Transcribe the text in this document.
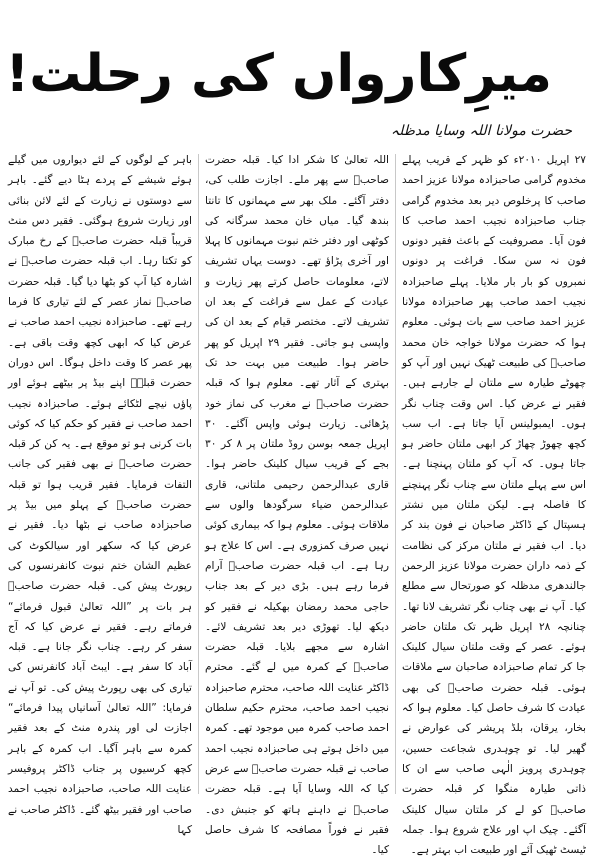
میرِکارواں کی رحلت!
حضرت مولانا اللہ وسایا مدظلہ

۲۷ اپریل ۲۰۱۰ء کو ظہر کے قریب پہلے مخدوم گرامی صاحبزادہ مولانا عزیز احمد صاحب کا پرخلوص دیر بعد مخدوم گرامی جناب صاحبزادہ نجیب احمد صاحب کا فون آیا۔ مصروفیت کے باعث فقیر دونوں فون نہ سن سکا۔ فراغت پر دونوں نمبروں کو بار بار ملایا۔ پہلے صاحبزادہ نجیب احمد صاحب پھر صاحبزادہ مولانا عزیز احمد صاحب سے بات ہوئی۔ معلوم ہوا کہ حضرت مولانا خواجہ خان محمد صاحبؒ کی طبیعت ٹھیک نہیں اور آپ کو چھوٹے طیارہ سے ملتان لے جارہے ہیں۔ فقیر نے عرض کیا۔ اس وقت چناب نگر ہوں۔ ایمبولینس آیا جاتا ہے۔ اب سب کچھ چھوڑ چھاڑ کر ابھی ملتان حاضر ہو جاتا ہوں۔ کہ آپ کو ملتان پہنچنا ہے۔ اس سے پہلے ملتان سے چناب نگر پہنچنے کا فاصلہ ہے۔ لیکن ملتان میں نشتر ہسپتال کے ڈاکٹر صاحبان نے فون بند کر دیا۔ اب فقیر نے ملتان مرکز کی نظامت کے ذمہ داران حضرت مولانا عزیز الرحمن جالندھری مدظلہ کو صورتحال سے مطلع کیا۔ آپ نے بھی چناب نگر تشریف لانا تھا۔ چنانچہ ۲۸ اپریل ظہر تک ملتان حاضر ہوئے۔ عصر کے وقت ملتان سیال کلینک جا کر تمام صاحبزادہ صاحبان سے ملاقات ہوئی۔ قبلہ حضرت صاحبؒ کی بھی عیادت کا شرف حاصل کیا۔ معلوم ہوا کہ بخار، یرقان، بلڈ پریشر کی عوارض نے گھیر لیا۔ تو چوہدری شجاعت حسین، چوہدری پرویز الٰہی صاحب سے ان کا ذاتی طیارہ منگوا کر قبلہ حضرت صاحبؒ کو لے کر ملتان سیال کلینک آگئے۔ چیک اپ اور علاج شروع ہوا۔ جملہ ٹیسٹ ٹھیک آئے اور طبیعت اب بہتر ہے۔

اللہ تعالیٰ کا شکر ادا کیا۔ قبلہ حضرت صاحبؒ سے پھر ملے۔ اجازت طلب کی، دفتر آگئے۔ ملک بھر سے مہمانوں کا تانتا بندھ گیا۔ میاں خان محمد سرگانہ کی کوٹھی اور دفتر ختم نبوت مہمانوں کا پہلا اور آخری پڑاؤ تھے۔ دوست یہاں تشریف لاتے، معلومات حاصل کرتے پھر زیارت و عیادت کے عمل سے فراغت کے بعد ان تشریف لاتے۔ مختصر قیام کے بعد ان کی واپسی ہو جاتی۔ فقیر ۲۹ اپریل کو پھر حاضر ہوا۔ طبیعت میں بہت حد تک بہتری کے آثار تھے۔ معلوم ہوا کہ قبلہ حضرت صاحبؒ نے مغرب کی نماز خود پڑھائی۔ زیارت ہوئی واپس آگئے۔ ۳۰ اپریل جمعہ بوسن روڈ ملتان پر ۸ کر ۳۰ بجے کے قریب سیال کلینک حاضر ہوا۔ قاری عبدالرحمن رحیمی ملتانی، قاری عبدالرحمن ضیاء سرگودھا والوں سے ملاقات ہوئی۔ معلوم ہوا کہ بیماری کوئی نہیں صرف کمزوری ہے۔ اس کا علاج ہو رہا ہے۔ اب قبلہ حضرت صاحبؒ آرام فرما رہے ہیں۔ بڑی دیر کے بعد جناب حاجی محمد رمضان بھکیلہ نے فقیر کو دیکھ لیا۔ تھوڑی دیر بعد تشریف لائے۔ اشارہ سے مجھے بلایا۔ قبلہ حضرت صاحبؒ کے کمرہ میں لے گئے۔ محترم ڈاکٹر عنایت اللہ صاحب، محترم صاحبزادہ نجیب احمد صاحب، محترم حکیم سلطان احمد صاحب کمرہ میں موجود تھے۔ کمرہ میں داخل ہوتے ہی صاحبزادہ نجیب احمد صاحب نے قبلہ حضرت صاحبؒ سے عرض کیا کہ اللہ وسایا آیا ہے۔ قبلہ حضرت صاحبؒ نے داہنے ہاتھ کو جنبش دی۔ فقیر نے فوراً مصافحہ کا شرف حاصل کیا۔

باہر کے لوگوں کے لئے دیواروں میں گیلے ہوئے شیشے کے پردے ہٹا دیے گئے۔ باہر سے دوستوں نے زیارت کے لئے لائن بنائی اور زیارت شروع ہوگئی۔ فقیر دس منٹ قریباً قبلہ حضرت صاحبؒ کے رخ مبارک کو تکتا رہا۔ اب قبلہ حضرت صاحبؒ نے اشارہ کیا آپ کو بٹھا دیا گیا۔ قبلہ حضرت صاحبؒ نماز عصر کے لئے تیاری کا فرما رہے تھے۔ صاحبزادہ نجیب احمد صاحب نے عرض کیا کہ ابھی کچھ وقت باقی ہے۔ پھر عصر کا وقت داخل ہوگا۔ اس دوران حضرت قبلہؒ اپنے بیڈ پر بیٹھے ہوئے اور پاؤں نیچے لٹکائے ہوئے۔ صاحبزادہ نجیب احمد صاحب نے فقیر کو حکم کیا کہ کوئی بات کرنی ہو تو موقع ہے۔ یہ کن کر قبلہ حضرت صاحبؒ نے بھی فقیر کی جانب التفات فرمایا۔ فقیر قریب ہوا تو قبلہ حضرت صاحبؒ کے پہلو میں بیڈ پر صاحبزادہ صاحب نے بٹھا دیا۔ فقیر نے عرض کیا کہ سکھر اور سیالکوٹ کی عظیم الشان ختم نبوت کانفرنسوں کی رپورٹ پیش کی۔ قبلہ حضرت صاحبؒ ہر بات پر ”اللہ تعالیٰ قبول فرمائے“ فرماتے رہے۔ فقیر نے عرض کیا کہ آج سفر کر رہے۔ چناب نگر جانا ہے۔ قبلہ آباد کا سفر ہے۔ ایبٹ آباد کانفرنس کی تیاری کی بھی رپورٹ پیش کی۔ تو آپ نے فرمایا: ”اللہ تعالیٰ آسانیاں پیدا فرمائے“ اجازت لی اور پندرہ منٹ کے بعد فقیر کمرہ سے باہر آگیا۔ اب کمرہ کے باہر کچھ کرسیوں پر جناب ڈاکٹر پروفیسر عنایت اللہ صاحب، صاحبزادہ نجیب احمد صاحب اور فقیر بیٹھ گئے۔ ڈاکٹر صاحب نے کہا
